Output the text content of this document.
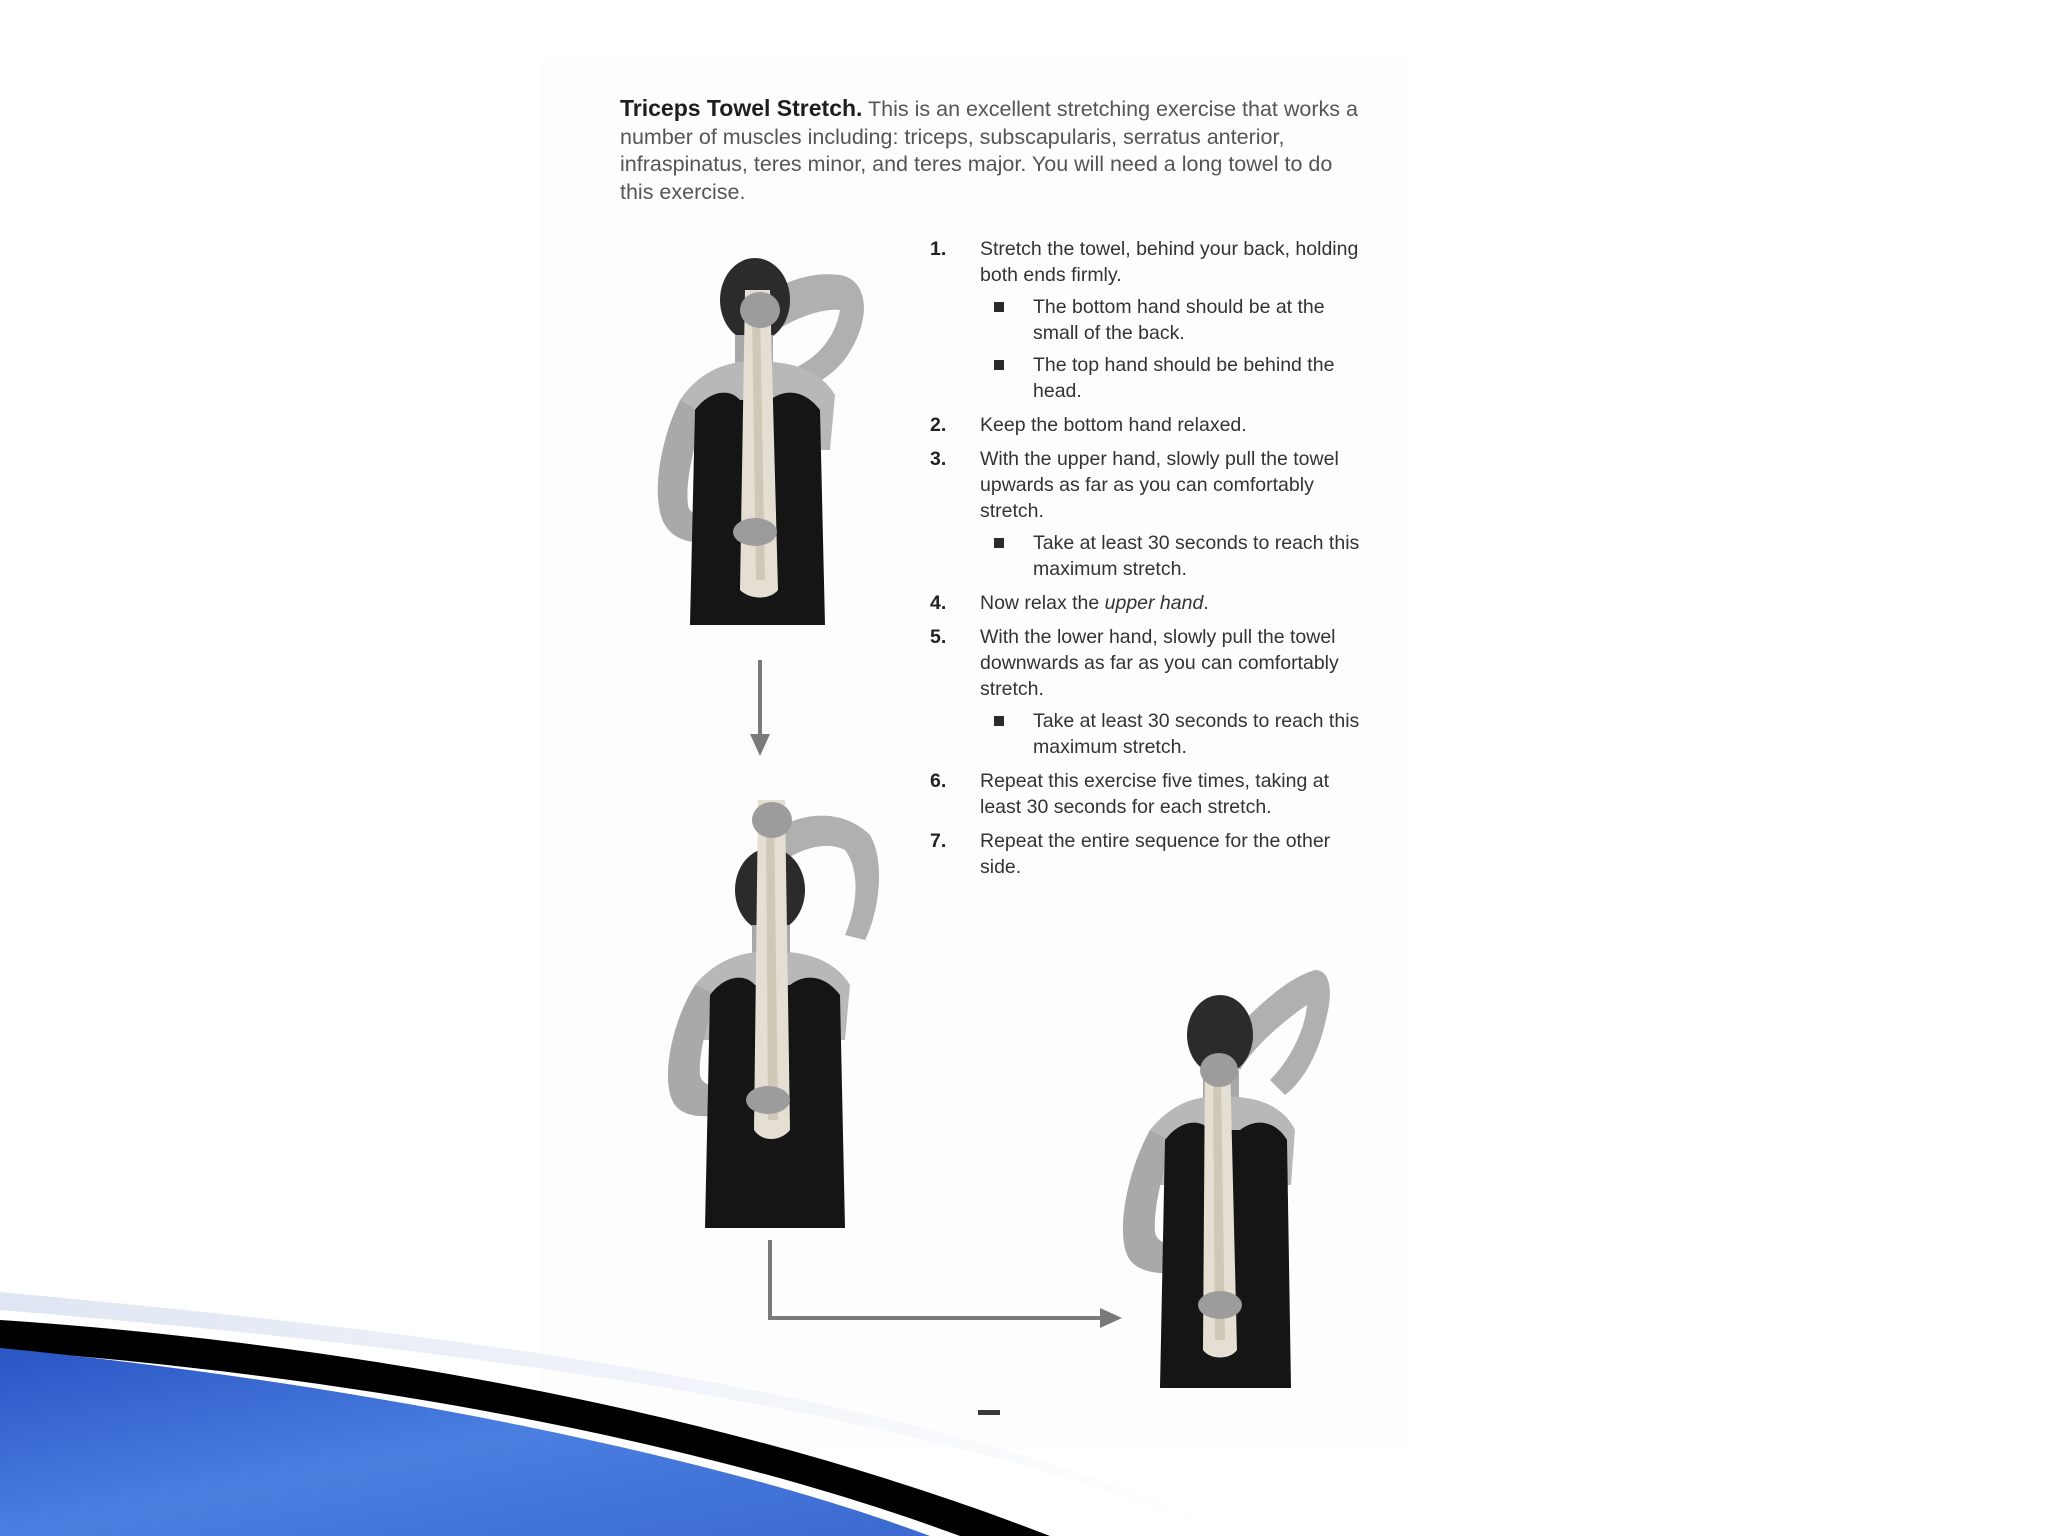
Triceps Towel Stretch. This is an excellent stretching exercise that works a number of muscles including: triceps, subscapularis, serratus anterior, infraspinatus, teres minor, and teres major. You will need a long towel to do this exercise.

1. Stretch the towel, behind your back, holding both ends firmly.
The bottom hand should be at the small of the back.
The top hand should be behind the head.
2. Keep the bottom hand relaxed.
3. With the upper hand, slowly pull the towel upwards as far as you can comfortably stretch.
Take at least 30 seconds to reach this maximum stretch.
4. Now relax the upper hand.
5. With the lower hand, slowly pull the towel downwards as far as you can comfortably stretch.
Take at least 30 seconds to reach this maximum stretch.
6. Repeat this exercise five times, taking at least 30 seconds for each stretch.
7. Repeat the entire sequence for the other side.
